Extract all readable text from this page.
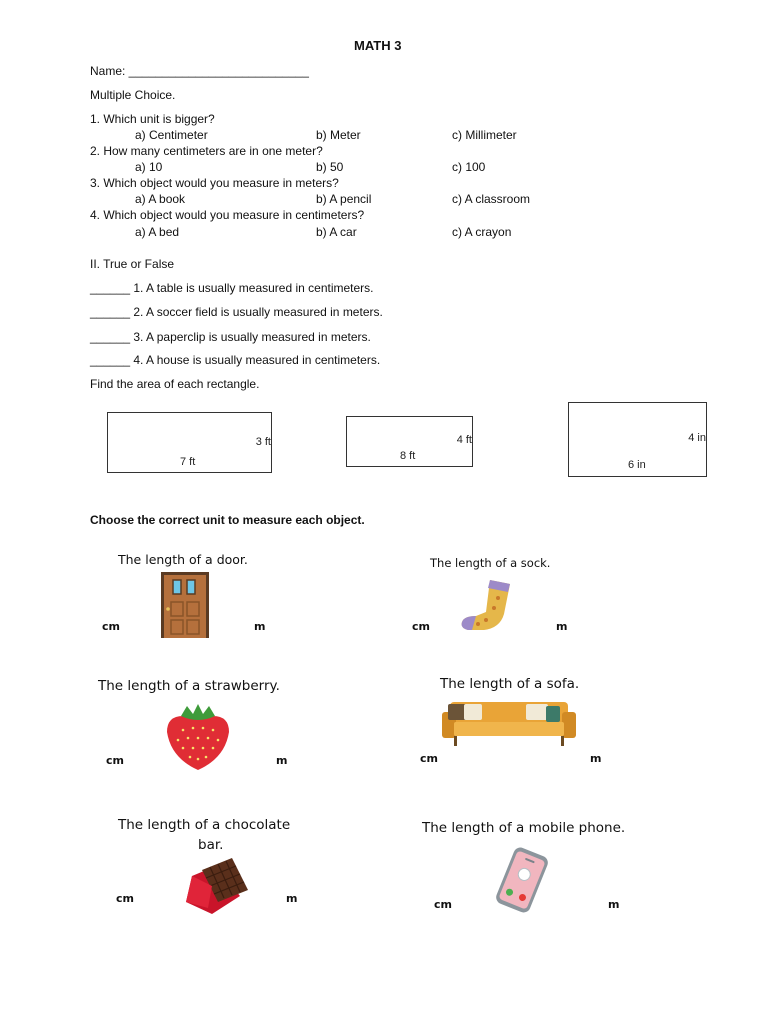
MATH 3
Name: ___________________________
Multiple Choice.
1. Which unit is bigger?
a) Centimeter	b) Meter	c) Millimeter
2. How many centimeters are in one meter?
a) 10	b) 50	c) 100
3. Which object would you measure in meters?
a) A book	b) A pencil	c) A classroom
4. Which object would you measure in centimeters?
a) A bed	b) A car	c) A crayon
II. True or False
______ 1. A table is usually measured in centimeters.
______ 2. A soccer field is usually measured in meters.
______ 3. A paperclip is usually measured in meters.
______ 4. A house is usually measured in centimeters.
Find the area of each rectangle.
3 ft
7 ft
4 ft
8 ft
4 in
6 in
Choose the correct unit to measure each object.
The length of a door.
cm	m
The length of a sock.
cm	m
The length of a strawberry.
cm	m
The length of a sofa.
cm	m
The length of a chocolate
bar.
cm	m
The length of a mobile phone.
cm	m
